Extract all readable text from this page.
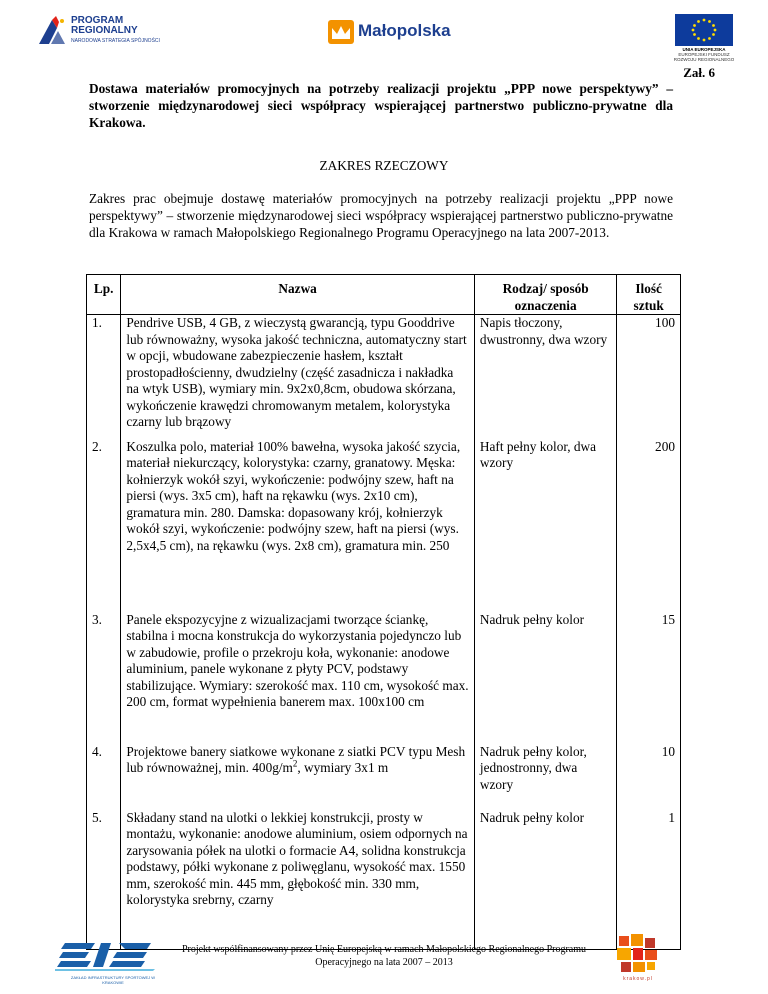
PROGRAM
REGIONALNY
NARODOWA STRATEGIA SPÓJNOŚCI
Małopolska
UNIA EUROPEJSKA
EUROPEJSKI FUNDUSZ
ROZWOJU REGIONALNEGO
Zał. 6
Dostawa materiałów promocyjnych na potrzeby realizacji projektu „PPP nowe perspektywy” – stworzenie międzynarodowej sieci współpracy wspierającej partnerstwo publiczno-prywatne dla Krakowa.
ZAKRES RZECZOWY
Zakres prac obejmuje dostawę materiałów promocyjnych na potrzeby realizacji projektu „PPP nowe perspektywy” – stworzenie międzynarodowej sieci współpracy wspierającej partnerstwo publiczno-prywatne dla Krakowa w ramach Małopolskiego Regionalnego Programu Operacyjnego na lata 2007-2013.
Lp.	Nazwa	Rodzaj/ sposób oznaczenia	Ilość sztuk
1.	Pendrive USB, 4 GB, z wieczystą gwarancją, typu Gooddrive lub równoważny, wysoka jakość techniczna, automatyczny start w opcji, wbudowane zabezpieczenie hasłem, kształt prostopadłościenny, dwudzielny (część zasadnicza i nakładka na wtyk USB), wymiary min. 9x2x0,8cm, obudowa skórzana, wykończenie krawędzi chromowanym metalem, kolorystyka czarny lub brązowy	Napis tłoczony, dwustronny, dwa wzory	100
2.	Koszulka polo, materiał 100% bawełna, wysoka jakość szycia, materiał niekurczący, kolorystyka: czarny, granatowy. Męska: kołnierzyk wokół szyi, wykończenie: podwójny szew, haft na piersi (wys. 3x5 cm), haft na rękawku (wys. 2x10 cm), gramatura min. 280. Damska: dopasowany krój, kołnierzyk wokół szyi, wykończenie: podwójny szew, haft na piersi (wys. 2,5x4,5 cm), na rękawku (wys. 2x8 cm), gramatura min. 250	Haft pełny kolor, dwa wzory	200
3.	Panele ekspozycyjne z wizualizacjami tworzące ściankę, stabilna i mocna konstrukcja do wykorzystania pojedynczo lub w zabudowie, profile o przekroju koła, wykonanie: anodowe aluminium, panele wykonane z płyty PCV, podstawy stabilizujące. Wymiary: szerokość max. 110 cm, wysokość max. 200 cm, format wypełnienia banerem max. 100x100 cm	Nadruk pełny kolor	15
4.	Projektowe banery siatkowe wykonane z siatki PCV typu Mesh lub równoważnej, min. $400g/m^2$, wymiary 3x1 m	Nadruk pełny kolor, jednostronny, dwa wzory	10
5.	Składany stand na ulotki o lekkiej konstrukcji, prosty w montażu, wykonanie: anodowe aluminium, osiem odpornych na zarysowania półek na ulotki o formacie A4, solidna konstrukcja podstawy, półki wykonane z poliwęglanu, wysokość max. 1550 mm, szerokość min. 445 mm, głębokość min. 330 mm, kolorystyka srebrny, czarny	Nadruk pełny kolor	1
ZAKŁAD INFRASTRUKTURY SPORTOWEJ W KRAKOWIE
Projekt współfinansowany przez Unię Europejską w ramach Małopolskiego Regionalnego Programu Operacyjnego na lata 2007 – 2013
krakow.pl
